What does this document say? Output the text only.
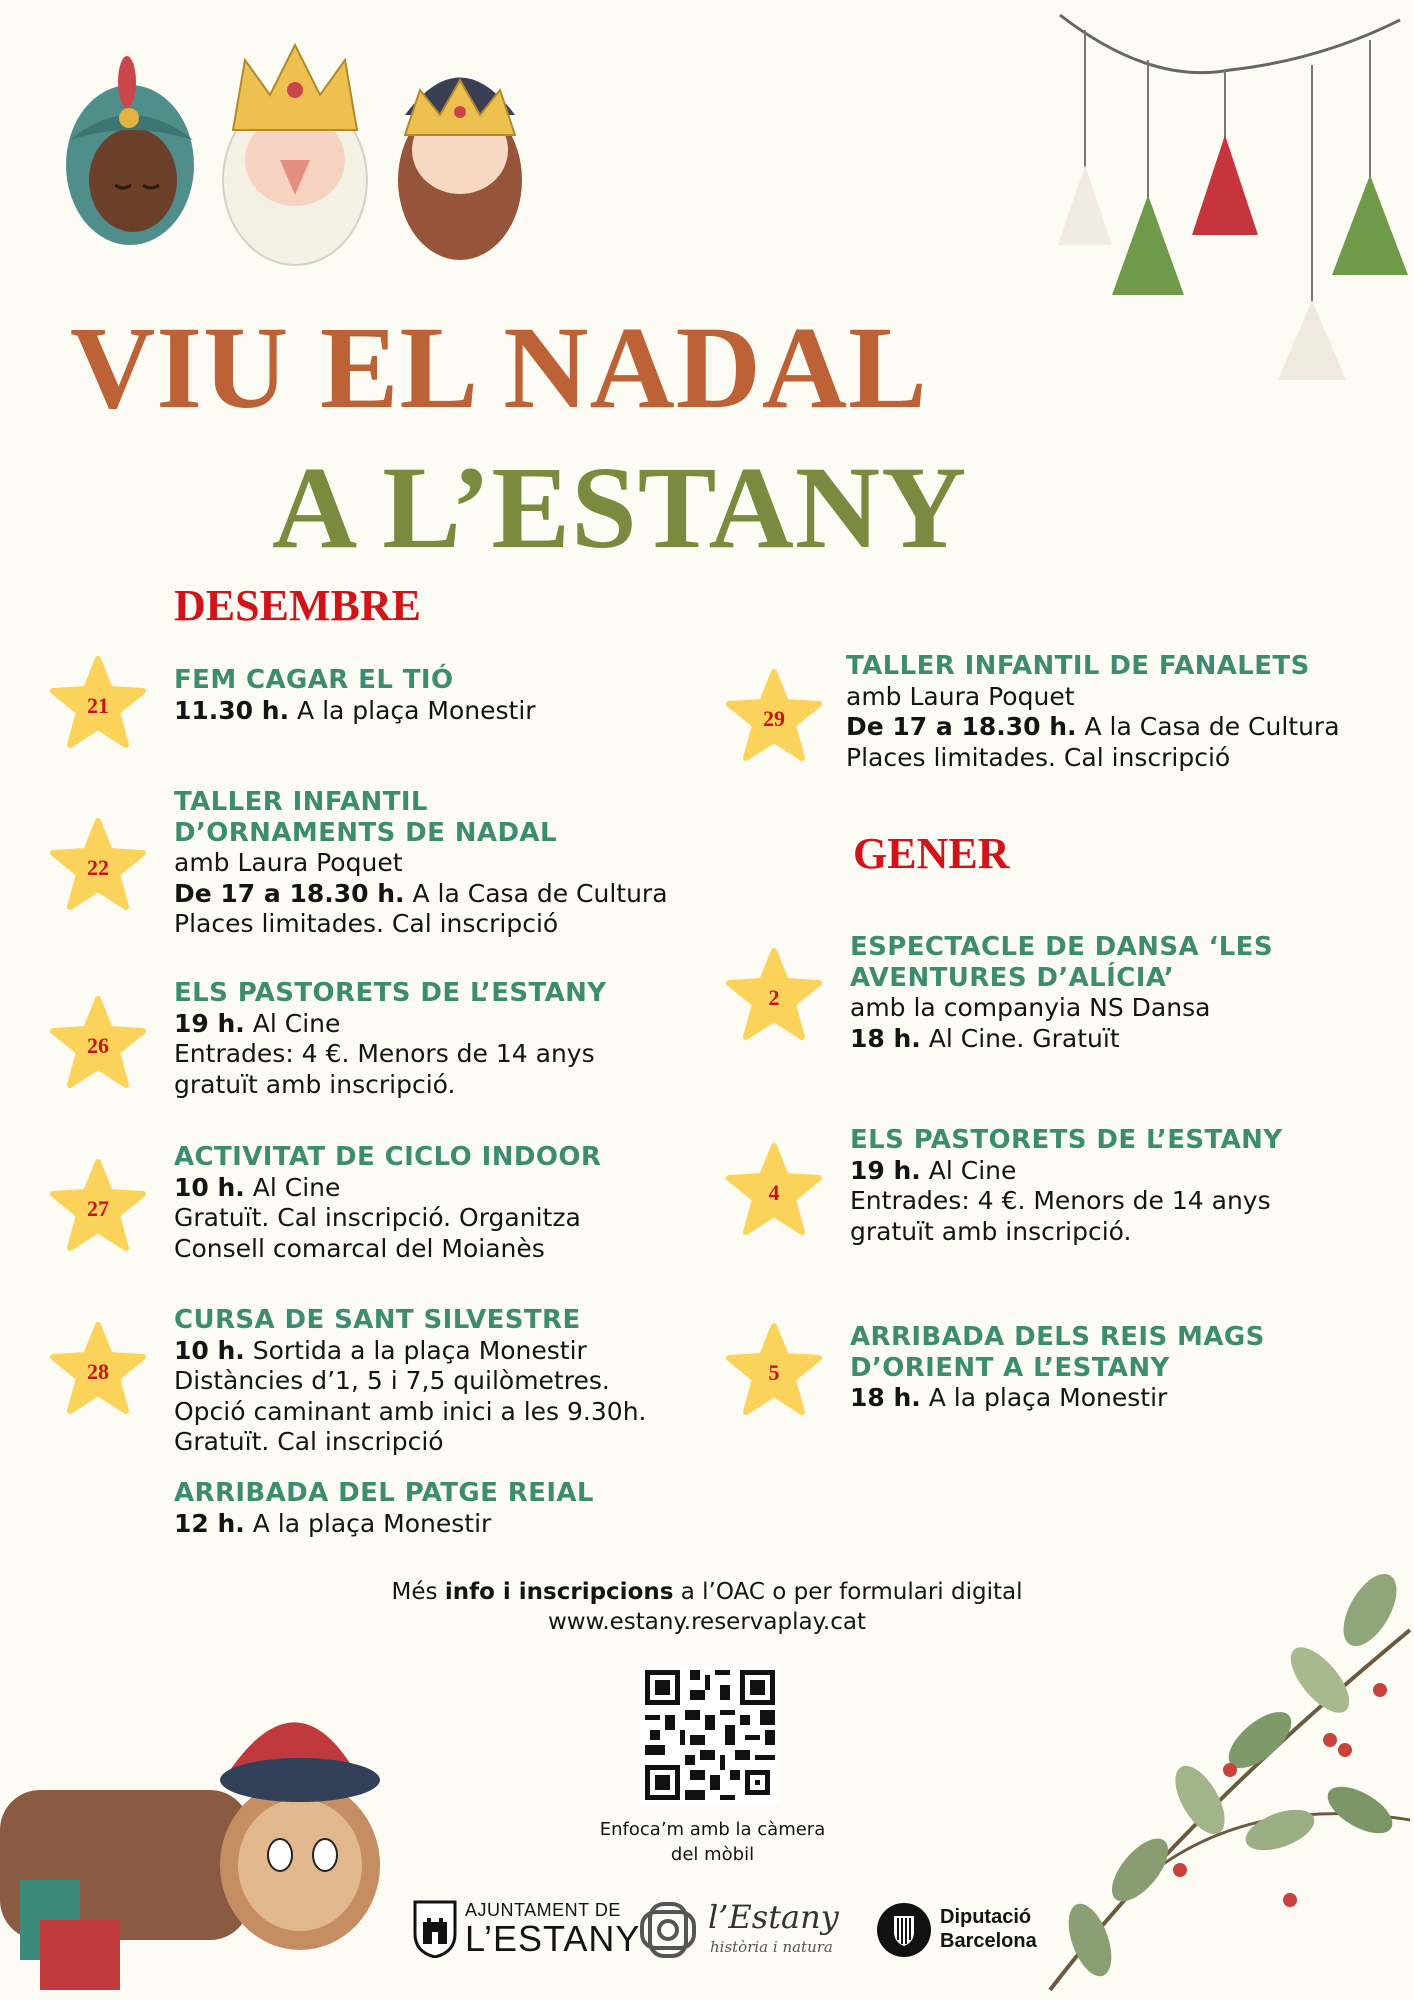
VIU EL NADAL
A L’ESTANY
DESEMBRE
GENER
21
22
26
27
28
29
2
4
5
FEM CAGAR EL TIÓ
11.30 h. A la plaça Monestir
TALLER INFANTIL
D’ORNAMENTS DE NADAL
amb Laura Poquet
De 17 a 18.30 h. A la Casa de Cultura
Places limitades. Cal inscripció
ELS PASTORETS DE L’ESTANY
19 h. Al Cine
Entrades: 4 €. Menors de 14 anys
gratuït amb inscripció.
ACTIVITAT DE CICLO INDOOR
10 h. Al Cine
Gratuït. Cal inscripció. Organitza
Consell comarcal del Moianès
CURSA DE SANT SILVESTRE
10 h. Sortida a la plaça Monestir
Distàncies d’1, 5 i 7,5 quilòmetres.
Opció caminant amb inici a les 9.30h.
Gratuït. Cal inscripció
ARRIBADA DEL PATGE REIAL
12 h. A la plaça Monestir
TALLER INFANTIL DE FANALETS
amb Laura Poquet
De 17 a 18.30 h. A la Casa de Cultura
Places limitades. Cal inscripció
ESPECTACLE DE DANSA ‘LES
AVENTURES D’ALÍCIA’
amb la companyia NS Dansa
18 h. Al Cine. Gratuït
ELS PASTORETS DE L’ESTANY
19 h. Al Cine
Entrades: 4 €. Menors de 14 anys
gratuït amb inscripció.
ARRIBADA DELS REIS MAGS
D’ORIENT A L’ESTANY
18 h. A la plaça Monestir
Més info i inscripcions a l’OAC o per formulari digital
www.estany.reservaplay.cat
Enfoca’m amb la càmera
del mòbil
AJUNTAMENT DE
L’ESTANY
l’Estany
història i natura
Diputació
Barcelona
